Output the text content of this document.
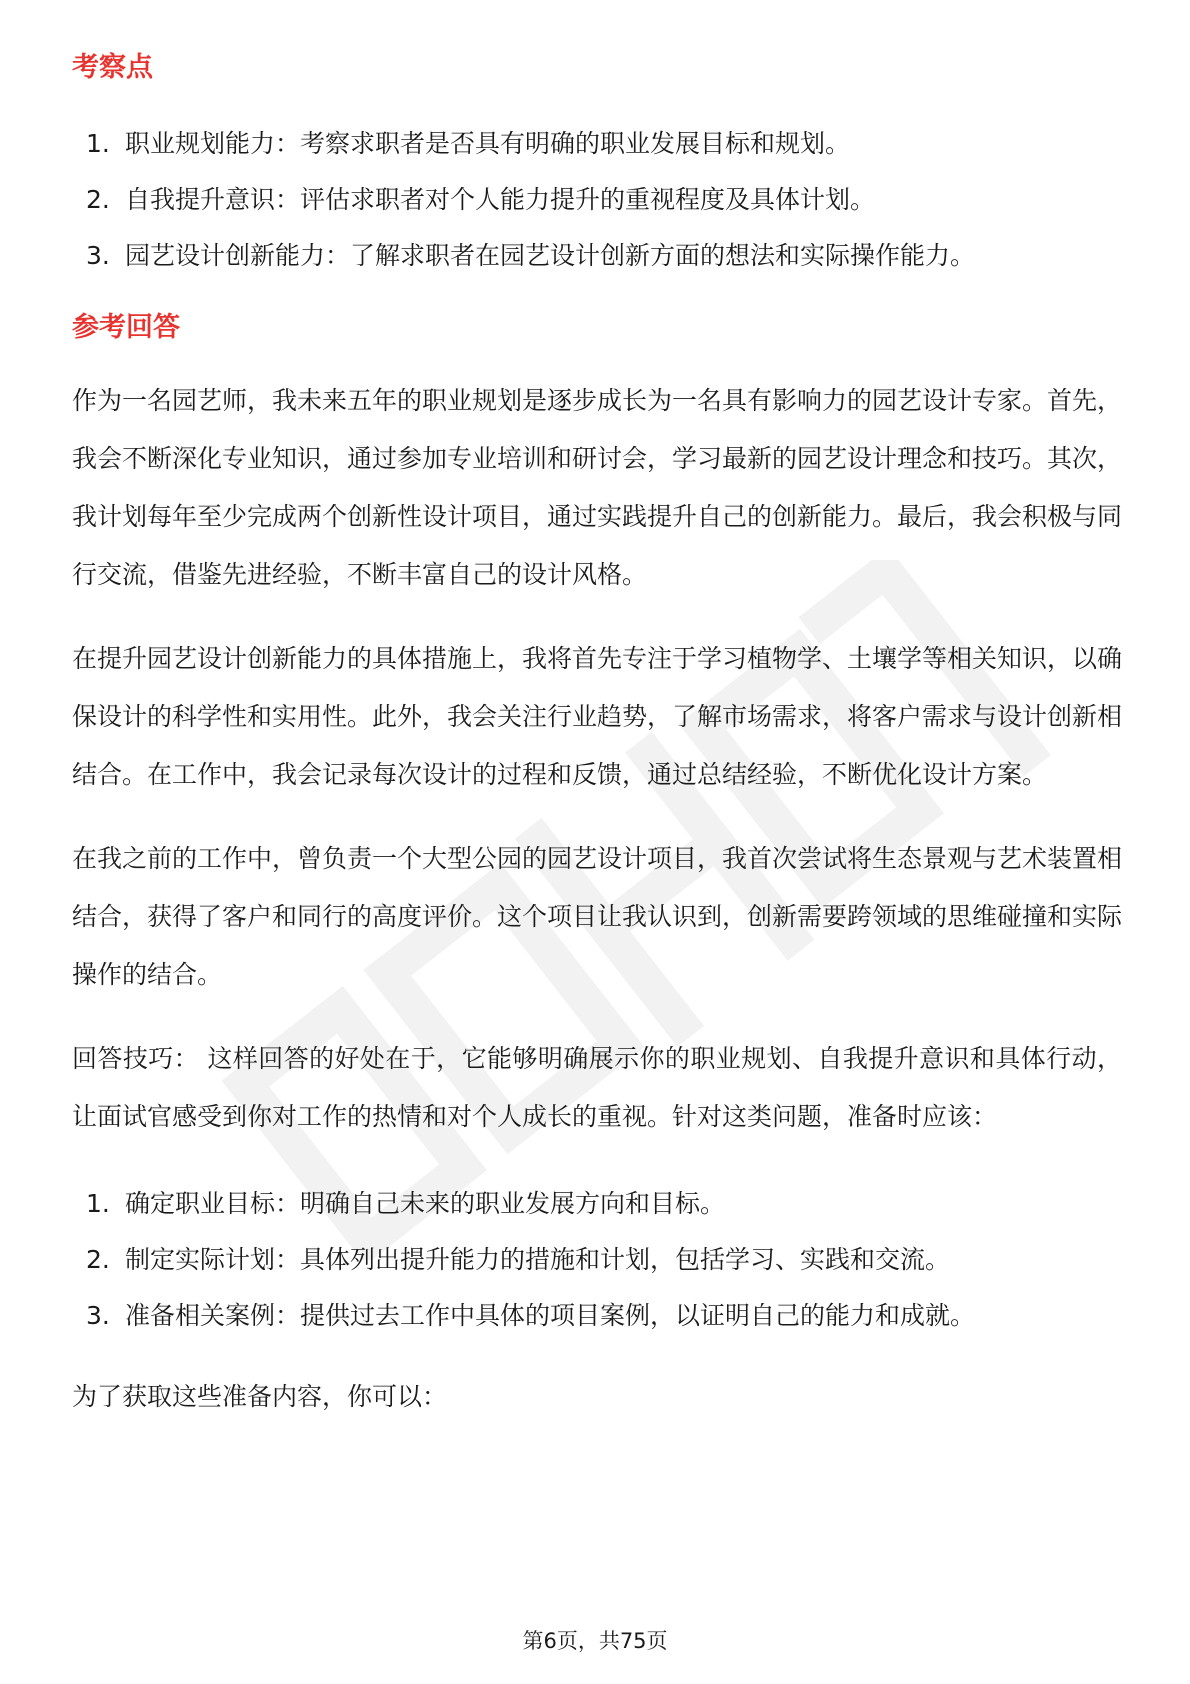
考察点
1. 职业规划能力：考察求职者是否具有明确的职业发展目标和规划。
2. 自我提升意识：评估求职者对个人能力提升的重视程度及具体计划。
3. 园艺设计创新能力：了解求职者在园艺设计创新方面的想法和实际操作能力。
参考回答

作为一名园艺师，我未来五年的职业规划是逐步成长为一名具有影响力的园艺设计专家。首先，我会不断深化专业知识，通过参加专业培训和研讨会，学习最新的园艺设计理念和技巧。其次，我计划每年至少完成两个创新性设计项目，通过实践提升自己的创新能力。最后，我会积极与同行交流，借鉴先进经验，不断丰富自己的设计风格。

在提升园艺设计创新能力的具体措施上，我将首先专注于学习植物学、土壤学等相关知识，以确保设计的科学性和实用性。此外，我会关注行业趋势，了解市场需求，将客户需求与设计创新相结合。在工作中，我会记录每次设计的过程和反馈，通过总结经验，不断优化设计方案。

在我之前的工作中，曾负责一个大型公园的园艺设计项目，我首次尝试将生态景观与艺术装置相结合，获得了客户和同行的高度评价。这个项目让我认识到，创新需要跨领域的思维碰撞和实际操作的结合。

回答技巧： 这样回答的好处在于，它能够明确展示你的职业规划、自我提升意识和具体行动，让面试官感受到你对工作的热情和对个人成长的重视。针对这类问题，准备时应该：

1. 确定职业目标：明确自己未来的职业发展方向和目标。
2. 制定实际计划：具体列出提升能力的措施和计划，包括学习、实践和交流。
3. 准备相关案例：提供过去工作中具体的项目案例，以证明自己的能力和成就。

为了获取这些准备内容，你可以：

第6页，共75页
